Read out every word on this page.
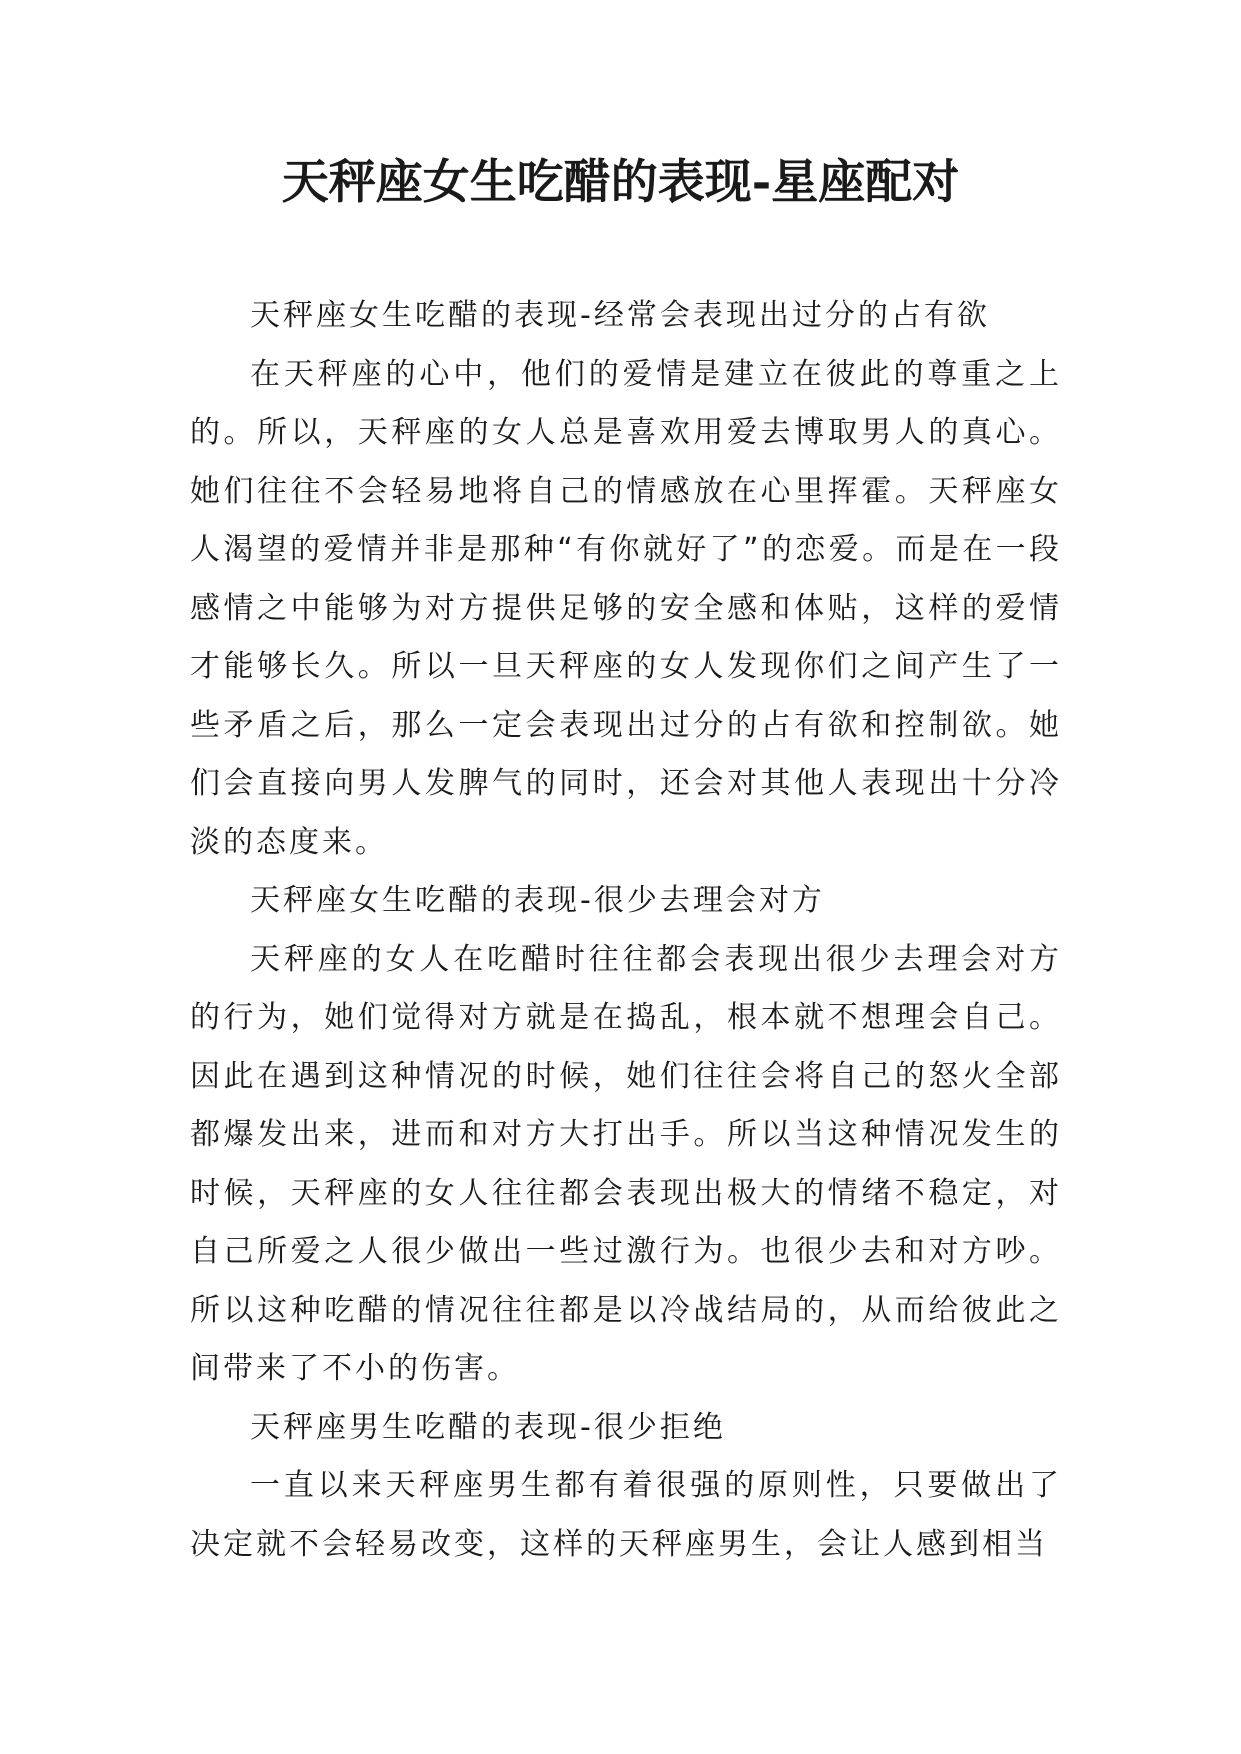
天秤座女生吃醋的表现-星座配对

天秤座女生吃醋的表现-经常会表现出过分的占有欲

在天秤座的心中，他们的爱情是建立在彼此的尊重之上的。所以，天秤座的女人总是喜欢用爱去博取男人的真心。她们往往不会轻易地将自己的情感放在心里挥霍。天秤座女人渴望的爱情并非是那种“有你就好了”的恋爱。而是在一段感情之中能够为对方提供足够的安全感和体贴，这样的爱情才能够长久。所以一旦天秤座的女人发现你们之间产生了一些矛盾之后，那么一定会表现出过分的占有欲和控制欲。她们会直接向男人发脾气的同时，还会对其他人表现出十分冷淡的态度来。

天秤座女生吃醋的表现-很少去理会对方

天秤座的女人在吃醋时往往都会表现出很少去理会对方的行为，她们觉得对方就是在捣乱，根本就不想理会自己。因此在遇到这种情况的时候，她们往往会将自己的怒火全部都爆发出来，进而和对方大打出手。所以当这种情况发生的时候，天秤座的女人往往都会表现出极大的情绪不稳定，对自己所爱之人很少做出一些过激行为。也很少去和对方吵。所以这种吃醋的情况往往都是以冷战结局的，从而给彼此之间带来了不小的伤害。

天秤座男生吃醋的表现-很少拒绝

一直以来天秤座男生都有着很强的原则性，只要做出了决定就不会轻易改变，这样的天秤座男生，会让人感到相当
